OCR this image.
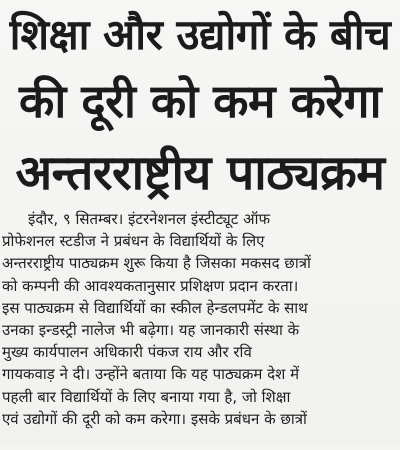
शिक्षा और उद्योगों के बीच
की दूरी को कम करेगा
अन्तरराष्ट्रीय पाठ्यक्रम
इंदौर, ९ सितम्बर। इंटरनेशनल इंस्टीट्यूट ऑफ
प्रोफेशनल स्टडीज ने प्रबंधन के विद्यार्थियों के लिए
अन्तरराष्ट्रीय पाठ्यक्रम शुरू किया है जिसका मकसद छात्रों
को कम्पनी की आवश्यकतानुसार प्रशिक्षण प्रदान करता।
इस पाठ्यक्रम से विद्यार्थियों का स्कील हेन्डलपमेंट के साथ
उनका इन्डस्ट्री नालेज भी बढ़ेगा। यह जानकारी संस्था के
मुख्य कार्यपालन अधिकारी पंकज राय और रवि
गायकवाड़ ने दी। उन्होंने बताया कि यह पाठ्यक्रम देश में
पहली बार विद्यार्थियों के लिए बनाया गया है, जो शिक्षा
एवं उद्योगों की दूरी को कम करेगा। इसके प्रबंधन के छात्रों
